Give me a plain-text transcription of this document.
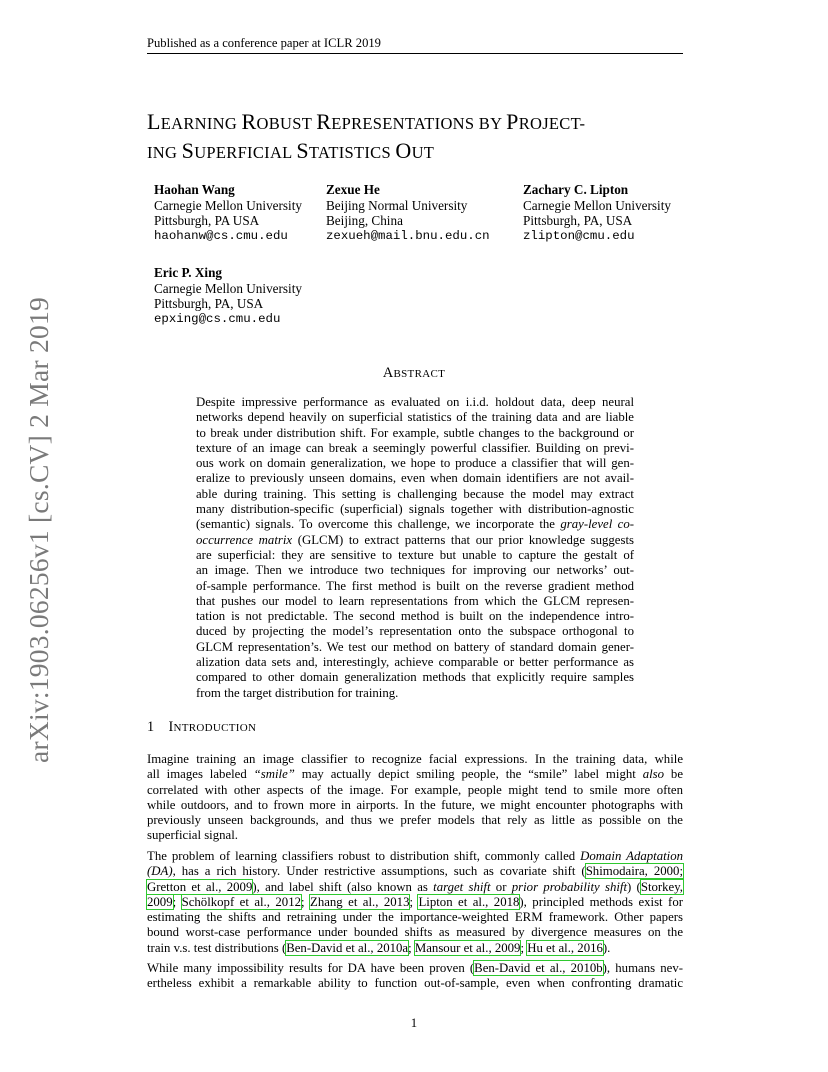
Published as a conference paper at ICLR 2019
arXiv:1903.06256v1 [cs.CV] 2 Mar 2019
LEARNING ROBUST REPRESENTATIONS BY PROJECT-
ING SUPERFICIAL STATISTICS OUT
Haohan Wang
Carnegie Mellon University
Pittsburgh, PA USA
haohanw@cs.cmu.edu
Zexue He
Beijing Normal University
Beijing, China
zexueh@mail.bnu.edu.cn
Zachary C. Lipton
Carnegie Mellon University
Pittsburgh, PA, USA
zlipton@cmu.edu
Eric P. Xing
Carnegie Mellon University
Pittsburgh, PA, USA
epxing@cs.cmu.edu
ABSTRACT
Despite impressive performance as evaluated on i.i.d. holdout data, deep neural
networks depend heavily on superficial statistics of the training data and are liable
to break under distribution shift. For example, subtle changes to the background or
texture of an image can break a seemingly powerful classifier. Building on previ-
ous work on domain generalization, we hope to produce a classifier that will gen-
eralize to previously unseen domains, even when domain identifiers are not avail-
able during training. This setting is challenging because the model may extract
many distribution-specific (superficial) signals together with distribution-agnostic
(semantic) signals. To overcome this challenge, we incorporate the gray-level co-
occurrence matrix (GLCM) to extract patterns that our prior knowledge suggests
are superficial: they are sensitive to texture but unable to capture the gestalt of
an image. Then we introduce two techniques for improving our networks’ out-
of-sample performance. The first method is built on the reverse gradient method
that pushes our model to learn representations from which the GLCM represen-
tation is not predictable. The second method is built on the independence intro-
duced by projecting the model’s representation onto the subspace orthogonal to
GLCM representation’s. We test our method on battery of standard domain gener-
alization data sets and, interestingly, achieve comparable or better performance as
compared to other domain generalization methods that explicitly require samples
from the target distribution for training.
1 INTRODUCTION
Imagine training an image classifier to recognize facial expressions. In the training data, while
all images labeled “smile” may actually depict smiling people, the “smile” label might also be
correlated with other aspects of the image. For example, people might tend to smile more often
while outdoors, and to frown more in airports. In the future, we might encounter photographs with
previously unseen backgrounds, and thus we prefer models that rely as little as possible on the
superficial signal.
The problem of learning classifiers robust to distribution shift, commonly called Domain Adaptation
(DA), has a rich history. Under restrictive assumptions, such as covariate shift (Shimodaira, 2000;
Gretton et al., 2009), and label shift (also known as target shift or prior probability shift) (Storkey,
2009; Schölkopf et al., 2012; Zhang et al., 2013; Lipton et al., 2018), principled methods exist for
estimating the shifts and retraining under the importance-weighted ERM framework. Other papers
bound worst-case performance under bounded shifts as measured by divergence measures on the
train v.s. test distributions (Ben-David et al., 2010a; Mansour et al., 2009; Hu et al., 2016).
While many impossibility results for DA have been proven (Ben-David et al., 2010b), humans nev-
ertheless exhibit a remarkable ability to function out-of-sample, even when confronting dramatic
1
